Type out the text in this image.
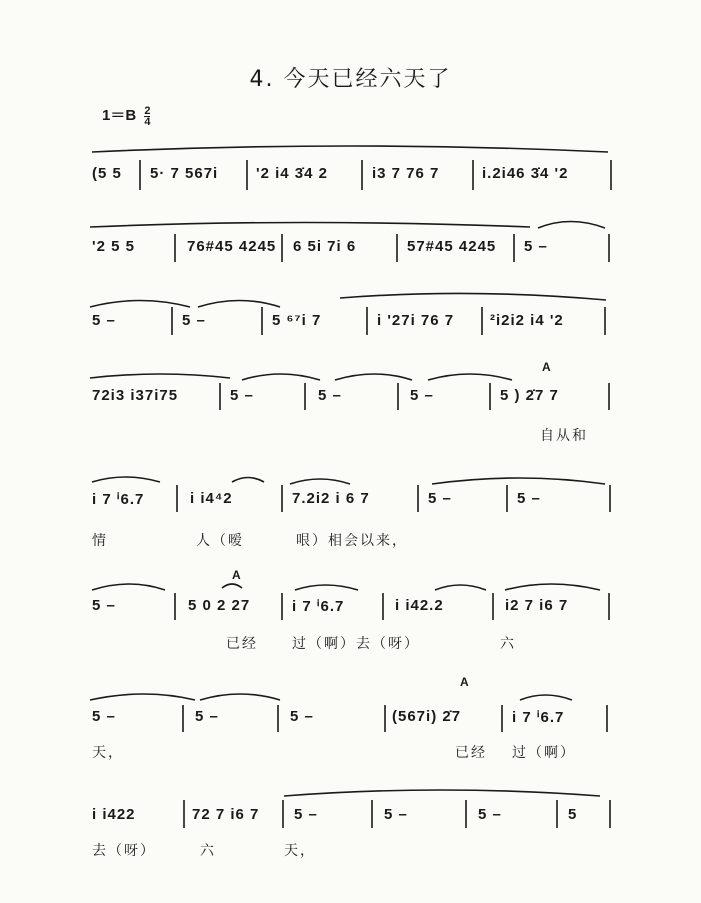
4. 今天已经六天了
$1=B \frac{2}{4}$
A
A
A
(5 5 5· 7 567i	'2 i4 3̇4 2	i3 7 76 7	i.2i46 3̇4 '2
'2 5 5	76#45 4245 6 5i 7i 6	57#45 4245 5 –
5 –	5 –	5 ⁶⁷i 7	i '27i 76 7 ²i2i2 i4 '2
72i3 i37i75	5 –	5 –	5 –	5 ) 2̇7 7
自从和
i 7 ⁱ6.7	i i4⁴2	7.2i2 i 6 7	5 –	5 –
情	人（嗳	哏）相会以来，
5 –	5 0 2 27	i 7 ⁱ6.7	i i42.2	i2 7 i6 7
已经 过（啊）去（呀）	六
5 –	5 –	5 –	(567i) 2̇7	i 7 ⁱ6.7
天，	已经 过（啊）
i i422	72 7 i6 7 5 –	5 –	5 –	5
去（呀）	六	天，
